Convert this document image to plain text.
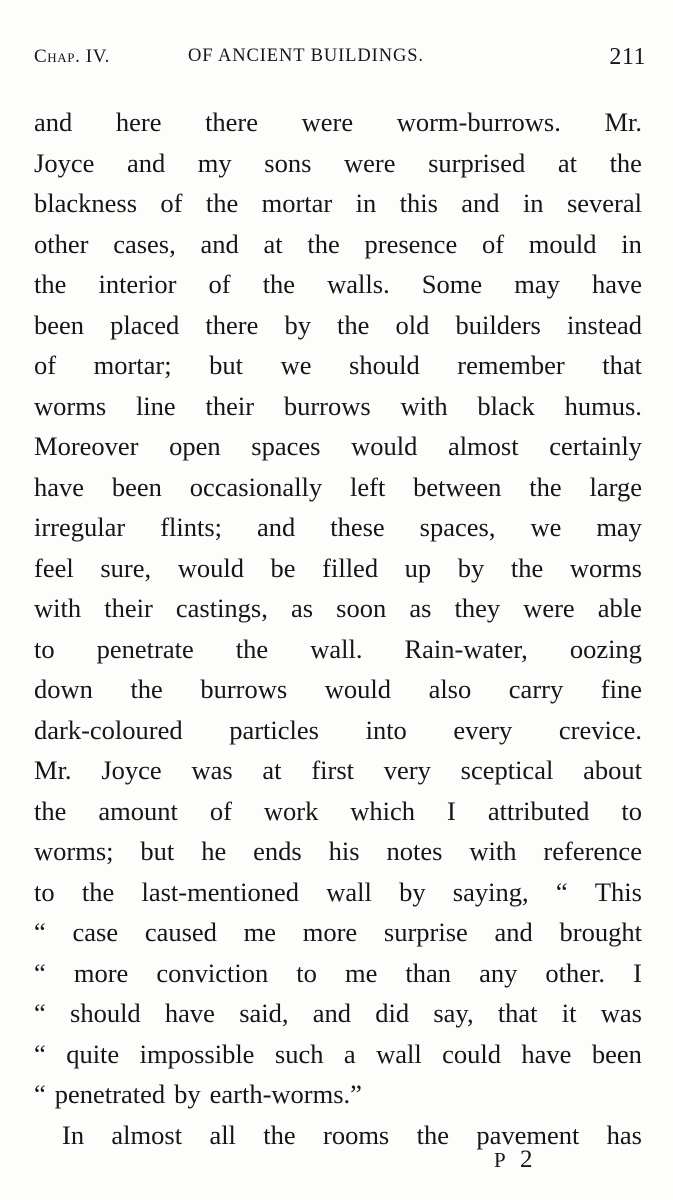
Chap. IV.	OF ANCIENT BUILDINGS.	211
and here there were worm-burrows. Mr.
Joyce and my sons were surprised at the
blackness of the mortar in this and in several
other cases, and at the presence of mould in
the interior of the walls. Some may have
been placed there by the old builders instead
of mortar; but we should remember that
worms line their burrows with black humus.
Moreover open spaces would almost certainly
have been occasionally left between the large
irregular flints; and these spaces, we may
feel sure, would be filled up by the worms
with their castings, as soon as they were able
to penetrate the wall. Rain-water, oozing
down the burrows would also carry fine
dark-coloured particles into every crevice.
Mr. Joyce was at first very sceptical about
the amount of work which I attributed to
worms; but he ends his notes with reference
to the last-mentioned wall by saying, “ This
“ case caused me more surprise and brought
“ more conviction to me than any other. I
“ should have said, and did say, that it was
“ quite impossible such a wall could have been
“ penetrated by earth-worms.”
In almost all the rooms the pavement has
P 2
